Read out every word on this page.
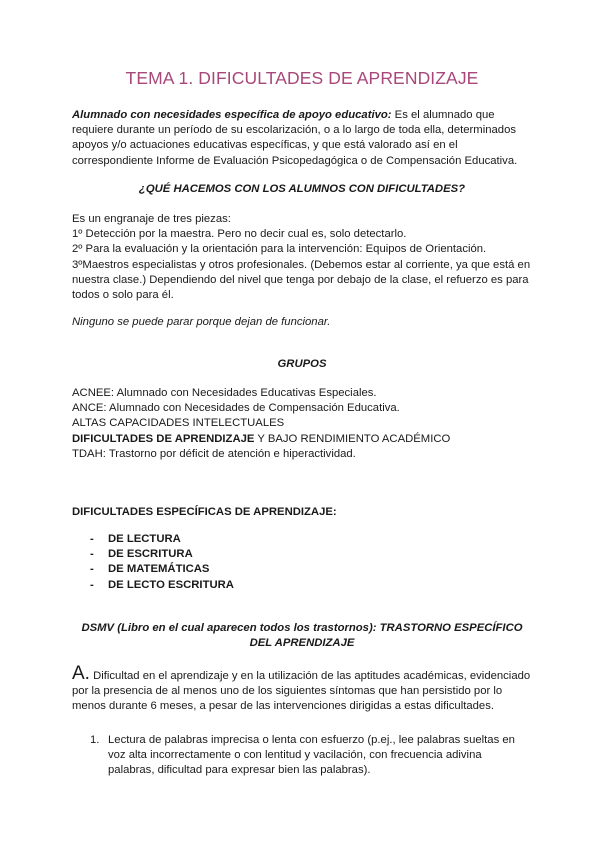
TEMA 1. DIFICULTADES DE APRENDIZAJE
Alumnado con necesidades específica de apoyo educativo: Es el alumnado que requiere durante un período de su escolarización, o a lo largo de toda ella, determinados apoyos y/o actuaciones educativas específicas, y que está valorado así en el correspondiente Informe de Evaluación Psicopedagógica o de Compensación Educativa.
¿QUÉ HACEMOS CON LOS ALUMNOS CON DIFICULTADES?
Es un engranaje de tres piezas:
1º Detección por la maestra. Pero no decir cual es, solo detectarlo.
2º Para la evaluación y la orientación para la intervención: Equipos de Orientación.
3ºMaestros especialistas y otros profesionales. (Debemos estar al corriente, ya que está en nuestra clase.) Dependiendo del nivel que tenga por debajo de la clase, el refuerzo es para todos o solo para él.
Ninguno se puede parar porque dejan de funcionar.
GRUPOS
ACNEE: Alumnado con Necesidades Educativas Especiales.
ANCE: Alumnado con Necesidades de Compensación Educativa.
ALTAS CAPACIDADES INTELECTUALES
DIFICULTADES DE APRENDIZAJE Y BAJO RENDIMIENTO ACADÉMICO
TDAH: Trastorno por déficit de atención e hiperactividad.
DIFICULTADES ESPECÍFICAS DE APRENDIZAJE:
- DE LECTURA
- DE ESCRITURA
- DE MATEMÁTICAS
- DE LECTO ESCRITURA
DSMV (Libro en el cual aparecen todos los trastornos): TRASTORNO ESPECÍFICO
DEL APRENDIZAJE
A. Dificultad en el aprendizaje y en la utilización de las aptitudes académicas, evidenciado por la presencia de al menos uno de los siguientes síntomas que han persistido por lo menos durante 6 meses, a pesar de las intervenciones dirigidas a estas dificultades.
1. Lectura de palabras imprecisa o lenta con esfuerzo (p.ej., lee palabras sueltas en voz alta incorrectamente o con lentitud y vacilación, con frecuencia adivina palabras, dificultad para expresar bien las palabras).
